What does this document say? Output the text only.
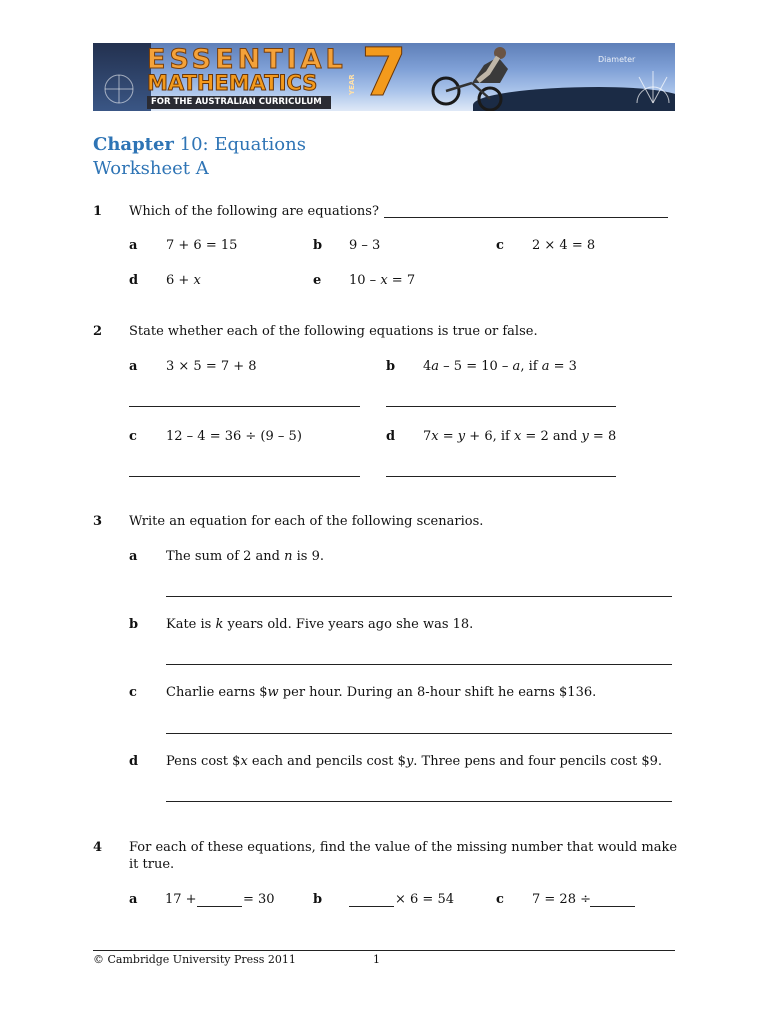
ESSENTIAL
MATHEMATICS
FOR THE AUSTRALIAN CURRICULUM
YEAR 7	Diameter
Chapter 10: Equations
Worksheet A
1 Which of the following are equations?
a 7 + 6 = 15	b 9 – 3	c 2 × 4 = 8
d 6 + x	e 10 – x = 7
2 State whether each of the following equations is true or false.
a 3 × 5 = 7 + 8	b 4a – 5 = 10 – a, if a = 3
c 12 – 4 = 36 ÷ (9 – 5)	d 7x = y + 6, if x = 2 and y = 8
3 Write an equation for each of the following scenarios.
a The sum of 2 and n is 9.
b Kate is k years old. Five years ago she was 18.
c Charlie earns $w per hour. During an 8-hour shift he earns $136.
d Pens cost $x each and pencils cost $y. Three pens and four pencils cost $9.
4 For each of these equations, find the value of the missing number that would make
it true.
a 17 +	= 30	b	× 6 = 54	c 7 = 28 ÷
© Cambridge University Press 2011	1
